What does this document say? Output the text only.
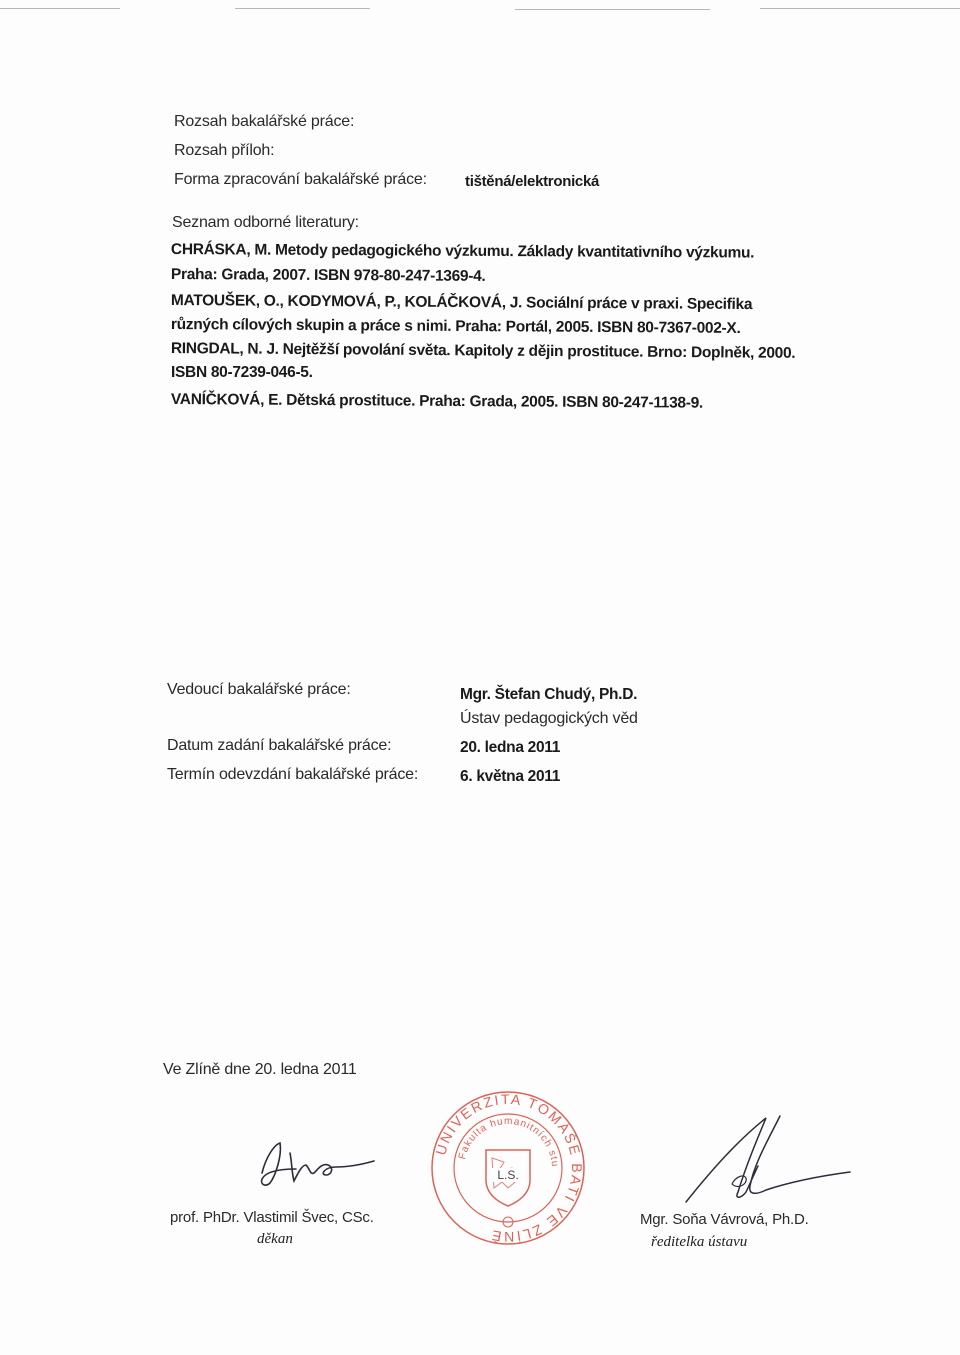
Rozsah bakalářské práce:
Rozsah příloh:
Forma zpracování bakalářské práce:	tištěná/elektronická
Seznam odborné literatury:
CHRÁSKA, M. Metody pedagogického výzkumu. Základy kvantitativního výzkumu.
Praha: Grada, 2007. ISBN 978-80-247-1369-4.
MATOUŠEK, O., KODYMOVÁ, P., KOLÁČKOVÁ, J. Sociální práce v praxi. Specifika
různých cílových skupin a práce s nimi. Praha: Portál, 2005. ISBN 80-7367-002-X.
RINGDAL, N. J. Nejtěžší povolání světa. Kapitoly z dějin prostituce. Brno: Doplněk, 2000.
ISBN 80-7239-046-5.
VANÍČKOVÁ, E. Dětská prostituce. Praha: Grada, 2005. ISBN 80-247-1138-9.
Vedoucí bakalářské práce:	Mgr. Štefan Chudý, Ph.D.
Ústav pedagogických věd
Datum zadání bakalářské práce:	20. ledna 2011
Termín odevzdání bakalářské práce:	6. května 2011
Ve Zlíně dne 20. ledna 2011
prof. PhDr. Vlastimil Švec, CSc.
děkan
UNIVERZITA TOMÁŠE BATI VE ZLÍNĚ
Fakulta humanitních studií
L.S.
Mgr. Soňa Vávrová, Ph.D.
ředitelka ústavu
